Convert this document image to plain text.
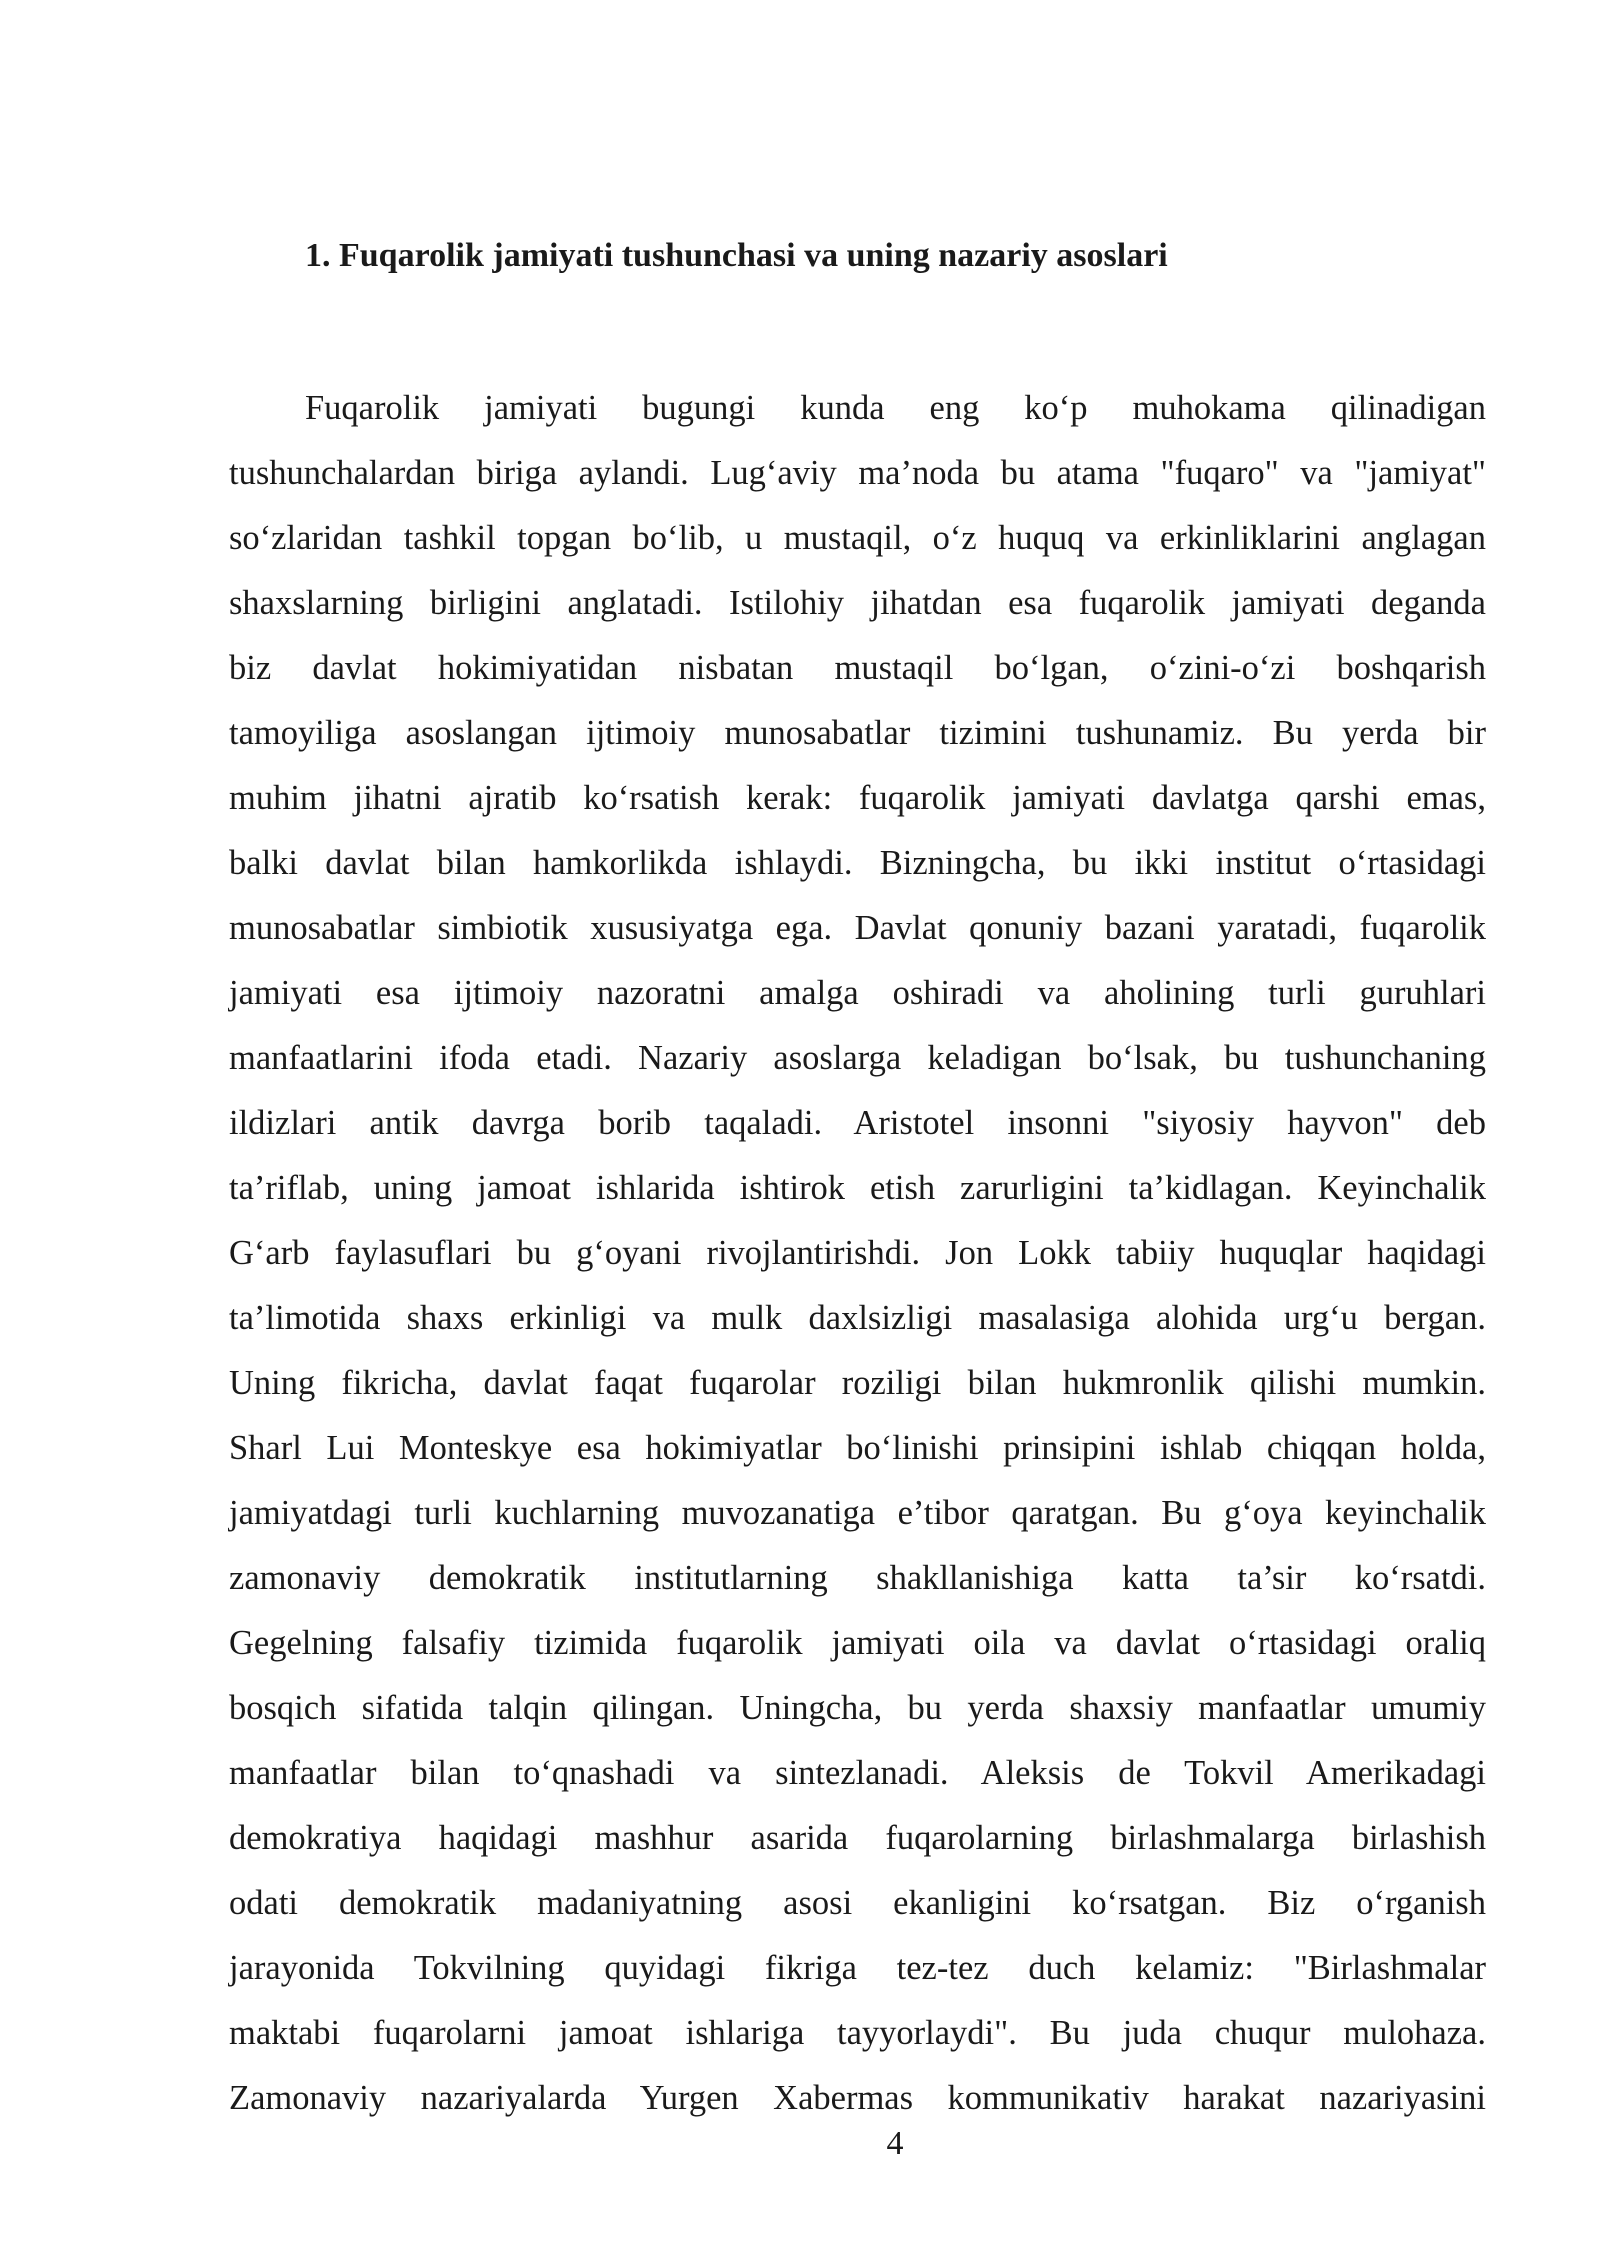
1. Fuqarolik jamiyati tushunchasi va uning nazariy asoslari
Fuqarolik jamiyati bugungi kunda eng ko‘p muhokama qilinadigan
tushunchalardan biriga aylandi. Lug‘aviy ma’noda bu atama "fuqaro" va "jamiyat"
so‘zlaridan tashkil topgan bo‘lib, u mustaqil, o‘z huquq va erkinliklarini anglagan
shaxslarning birligini anglatadi. Istilohiy jihatdan esa fuqarolik jamiyati deganda
biz davlat hokimiyatidan nisbatan mustaqil bo‘lgan, o‘zini-o‘zi boshqarish
tamoyiliga asoslangan ijtimoiy munosabatlar tizimini tushunamiz. Bu yerda bir
muhim jihatni ajratib ko‘rsatish kerak: fuqarolik jamiyati davlatga qarshi emas,
balki davlat bilan hamkorlikda ishlaydi. Bizningcha, bu ikki institut o‘rtasidagi
munosabatlar simbiotik xususiyatga ega. Davlat qonuniy bazani yaratadi, fuqarolik
jamiyati esa ijtimoiy nazoratni amalga oshiradi va aholining turli guruhlari
manfaatlarini ifoda etadi. Nazariy asoslarga keladigan bo‘lsak, bu tushunchaning
ildizlari antik davrga borib taqaladi. Aristotel insonni "siyosiy hayvon" deb
ta’riflab, uning jamoat ishlarida ishtirok etish zarurligini ta’kidlagan. Keyinchalik
G‘arb faylasuflari bu g‘oyani rivojlantirishdi. Jon Lokk tabiiy huquqlar haqidagi
ta’limotida shaxs erkinligi va mulk daxlsizligi masalasiga alohida urg‘u bergan.
Uning fikricha, davlat faqat fuqarolar roziligi bilan hukmronlik qilishi mumkin.
Sharl Lui Monteskye esa hokimiyatlar bo‘linishi prinsipini ishlab chiqqan holda,
jamiyatdagi turli kuchlarning muvozanatiga e’tibor qaratgan. Bu g‘oya keyinchalik
zamonaviy demokratik institutlarning shakllanishiga katta ta’sir ko‘rsatdi.
Gegelning falsafiy tizimida fuqarolik jamiyati oila va davlat o‘rtasidagi oraliq
bosqich sifatida talqin qilingan. Uningcha, bu yerda shaxsiy manfaatlar umumiy
manfaatlar bilan to‘qnashadi va sintezlanadi. Aleksis de Tokvil Amerikadagi
demokratiya haqidagi mashhur asarida fuqarolarning birlashmalarga birlashish
odati demokratik madaniyatning asosi ekanligini ko‘rsatgan. Biz o‘rganish
jarayonida Tokvilning quyidagi fikriga tez-tez duch kelamiz: "Birlashmalar
maktabi fuqarolarni jamoat ishlariga tayyorlaydi". Bu juda chuqur mulohaza.
Zamonaviy nazariyalarda Yurgen Xabermas kommunikativ harakat nazariyasini
4
